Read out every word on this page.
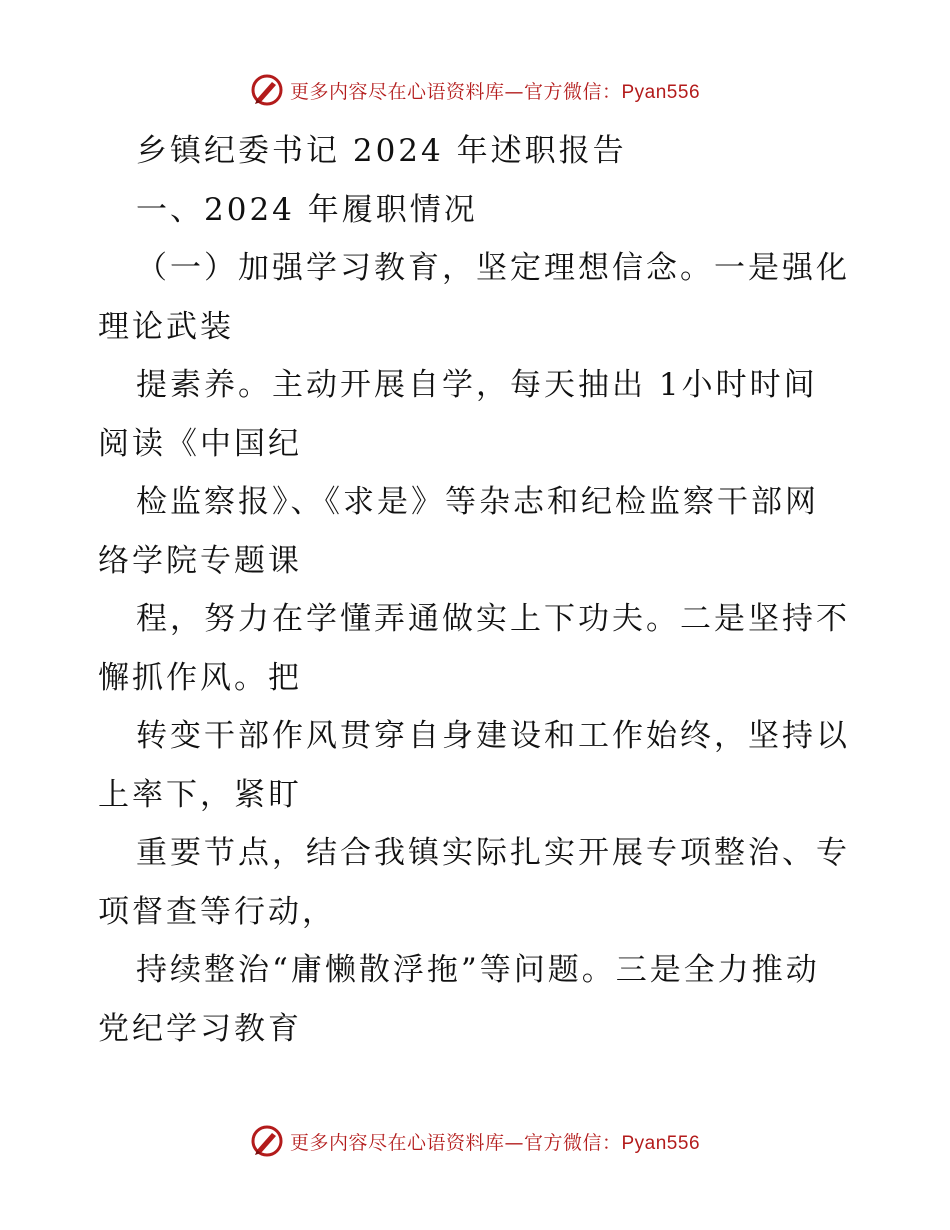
更多内容尽在心语资料库—官方微信：Pyan556
乡镇纪委书记 2024 年述职报告
一、2024 年履职情况
（一）加强学习教育，坚定理想信念。一是强化
理论武装
提素养。主动开展自学，每天抽出 1小时时间
阅读《中国纪
检监察报》、《求是》等杂志和纪检监察干部网
络学院专题课
程，努力在学懂弄通做实上下功夫。二是坚持不
懈抓作风。把
转变干部作风贯穿自身建设和工作始终，坚持以
上率下，紧盯
重要节点，结合我镇实际扎实开展专项整治、专
项督查等行动，
持续整治“庸懒散浮拖”等问题。三是全力推动
党纪学习教育
更多内容尽在心语资料库—官方微信：Pyan556
